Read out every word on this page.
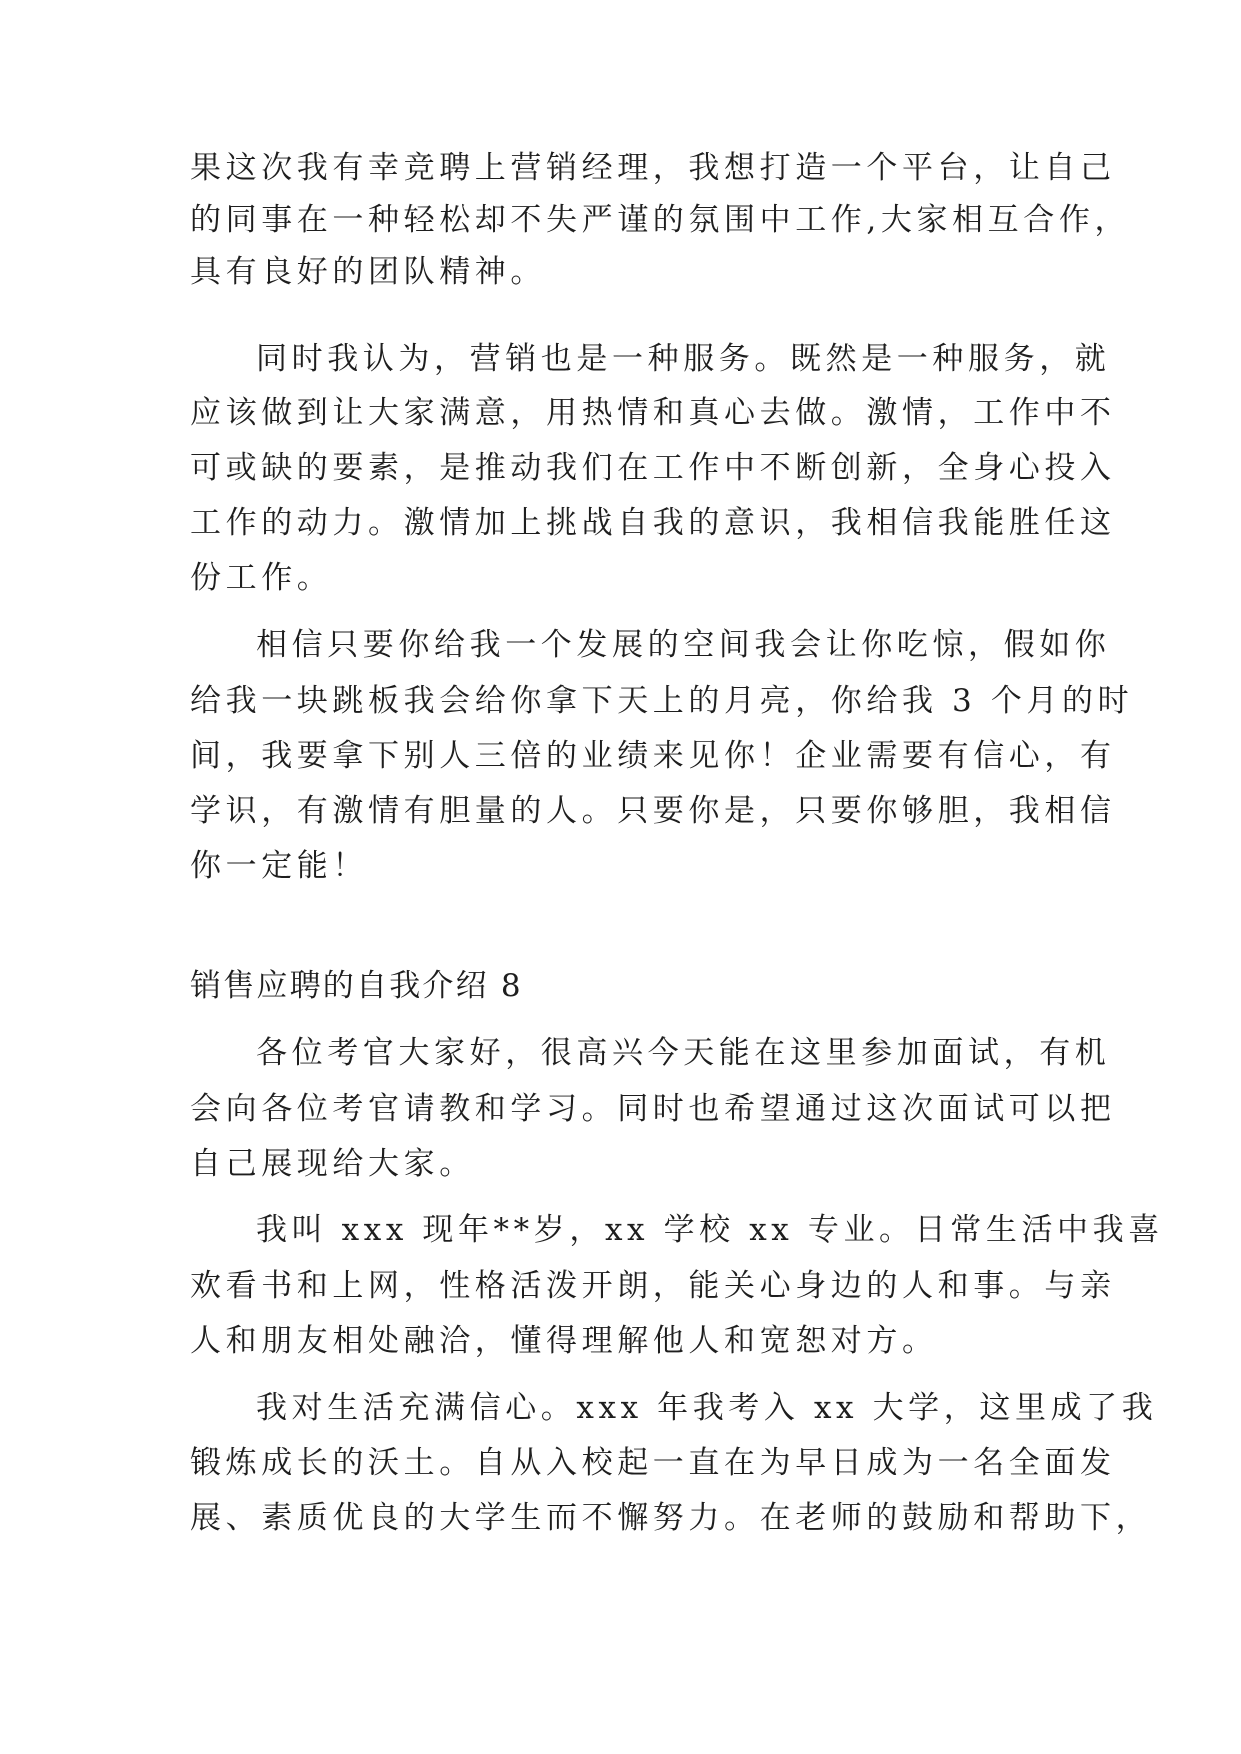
果这次我有幸竞聘上营销经理，我想打造一个平台，让自己
的同事在一种轻松却不失严谨的氛围中工作,大家相互合作，
具有良好的团队精神。
同时我认为，营销也是一种服务。既然是一种服务，就
应该做到让大家满意，用热情和真心去做。激情，工作中不
可或缺的要素，是推动我们在工作中不断创新，全身心投入
工作的动力。激情加上挑战自我的意识，我相信我能胜任这
份工作。
相信只要你给我一个发展的空间我会让你吃惊，假如你
给我一块跳板我会给你拿下天上的月亮，你给我 3 个月的时
间，我要拿下别人三倍的业绩来见你！企业需要有信心，有
学识，有激情有胆量的人。只要你是，只要你够胆，我相信
你一定能！
销售应聘的自我介绍 8
各位考官大家好，很高兴今天能在这里参加面试，有机
会向各位考官请教和学习。同时也希望通过这次面试可以把
自己展现给大家。
我叫 xxx 现年**岁，xx 学校 xx 专业。日常生活中我喜
欢看书和上网，性格活泼开朗，能关心身边的人和事。与亲
人和朋友相处融洽，懂得理解他人和宽恕对方。
我对生活充满信心。xxx 年我考入 xx 大学，这里成了我
锻炼成长的沃土。自从入校起一直在为早日成为一名全面发
展、素质优良的大学生而不懈努力。在老师的鼓励和帮助下，
